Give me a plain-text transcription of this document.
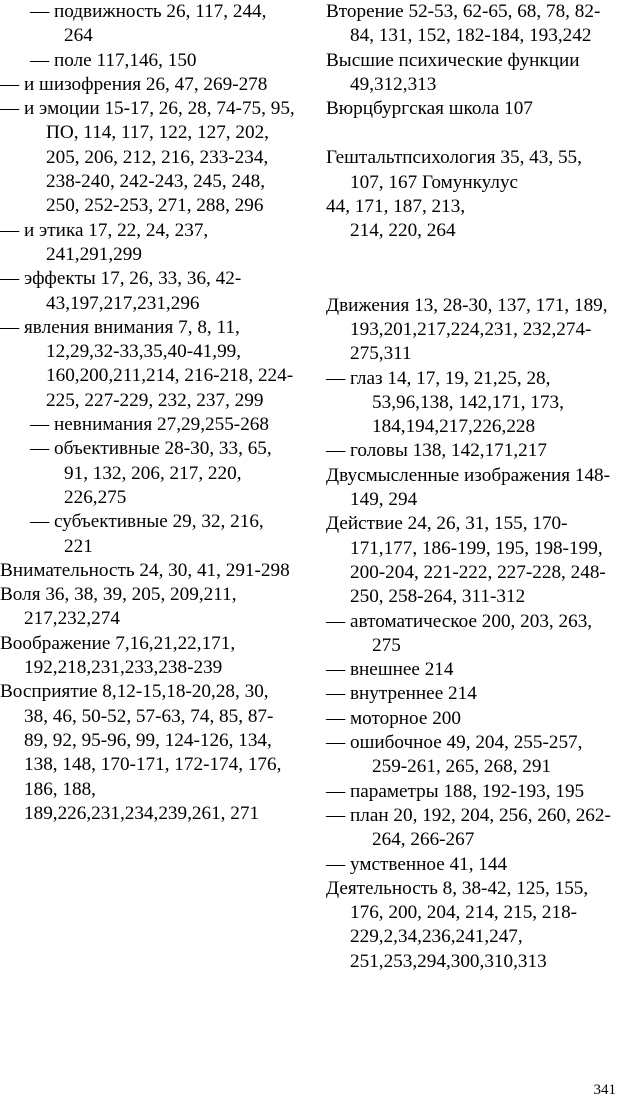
— подвижность 26, 117, 244, 264

— поле 117,146, 150

— и шизофрения 26, 47, 269-278

— и эмоции 15-17, 26, 28, 74-75, 95, ПО, 114, 117, 122, 127, 202, 205, 206, 212, 216, 233-234, 238-240, 242-243, 245, 248, 250, 252-253, 271, 288, 296

— и этика 17, 22, 24, 237, 241,291,299

— эффекты 17, 26, 33, 36, 42-43,197,217,231,296

— явления внимания 7, 8, 11, 12,29,32-33,35,40-41,99, 160,200,211,214, 216-218, 224-225, 227-229, 232, 237, 299

— невнимания 27,29,255-268

— объективные 28-30, 33, 65, 91, 132, 206, 217, 220, 226,275

— субъективные 29, 32, 216, 221

Внимательность 24, 30, 41, 291-298

Воля 36, 38, 39, 205, 209,211, 217,232,274

Воображение 7,16,21,22,171, 192,218,231,233,238-239

Восприятие 8,12-15,18-20,28, 30, 38, 46, 50-52, 57-63, 74, 85, 87-89, 92, 95-96, 99, 124-126, 134, 138, 148, 170-171, 172-174, 176, 186, 188, 189,226,231,234,239,261, 271

Вторение 52-53, 62-65, 68, 78, 82-84, 131, 152, 182-184, 193,242

Высшие психические функции 49,312,313

Вюрцбургская школа 107

Гештальтпсихология 35, 43, 55, 107, 167 Гомункулус

44, 171, 187, 213,

214, 220, 264

Движения 13, 28-30, 137, 171, 189, 193,201,217,224,231, 232,274-275,311

— глаз 14, 17, 19, 21,25, 28, 53,96,138, 142,171, 173, 184,194,217,226,228

— головы 138, 142,171,217

Двусмысленные изображения 148-149, 294

Действие 24, 26, 31, 155, 170-171,177, 186-199, 195, 198-199, 200-204, 221-222, 227-228, 248-250, 258-264, 311-312

— автоматическое 200, 203, 263, 275

— внешнее 214

— внутреннее 214

— моторное 200

— ошибочное 49, 204, 255-257, 259-261, 265, 268, 291

— параметры 188, 192-193, 195

— план 20, 192, 204, 256, 260, 262-264, 266-267

— умственное 41, 144

Деятельность 8, 38-42, 125, 155, 176, 200, 204, 214, 215, 218-229,2,34,236,241,247, 251,253,294,300,310,313

341
